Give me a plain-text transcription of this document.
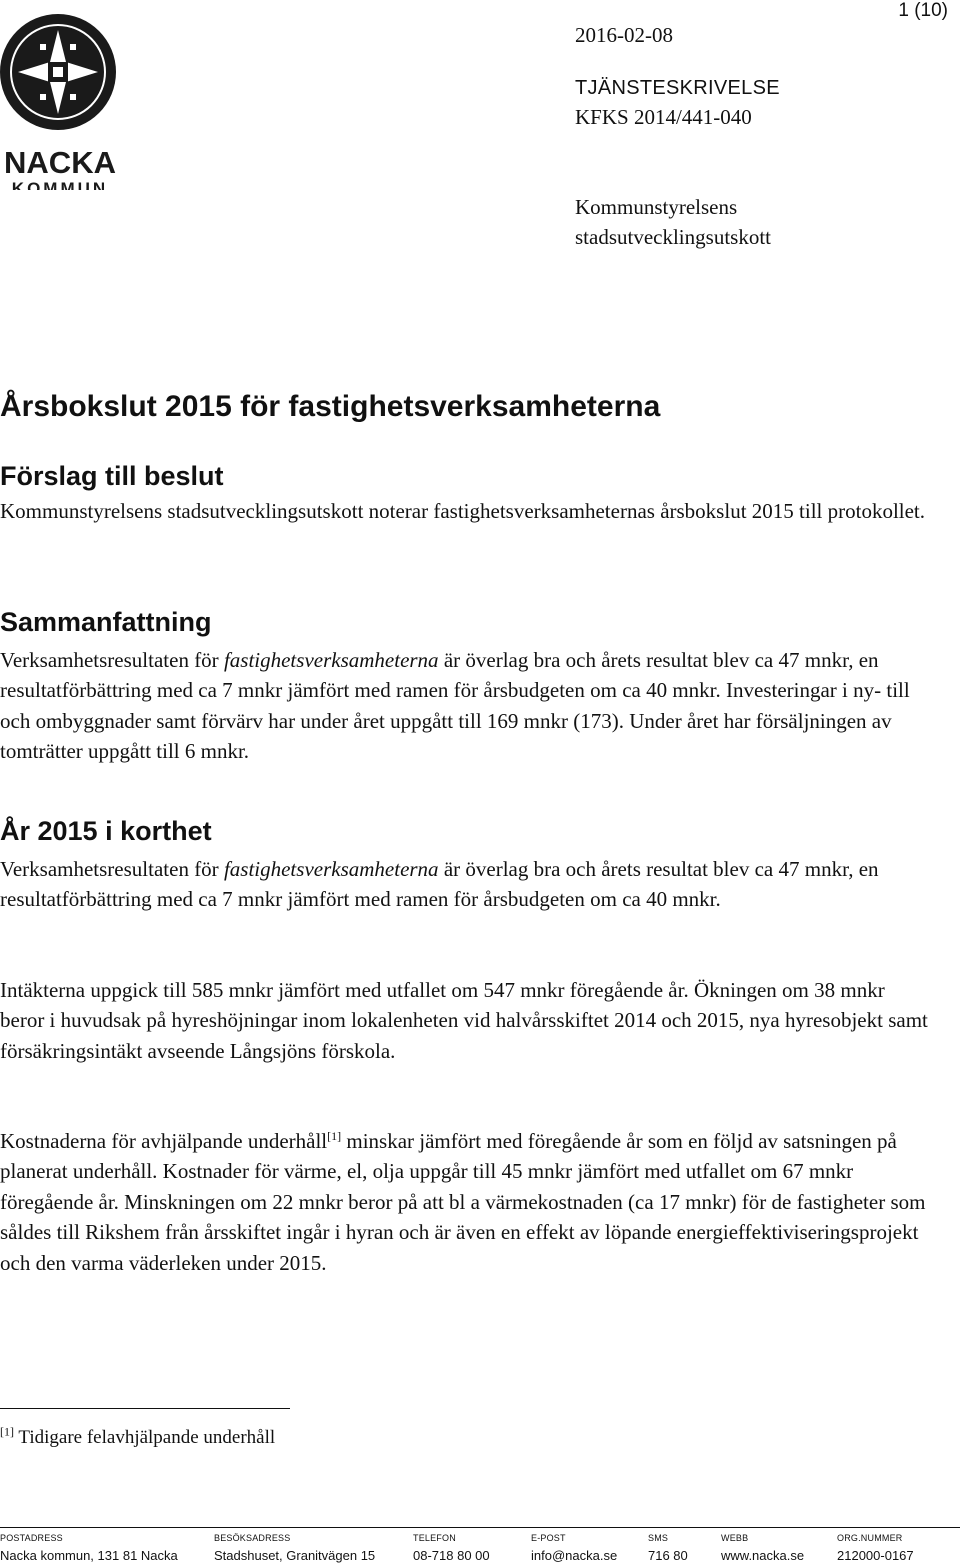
NACKA
KOMMUN
1 (10)
2016-02-08
TJÄNSTESKRIVELSE
KFKS 2014/441-040
Kommunstyrelsens
stadsutvecklingsutskott
Årsbokslut 2015 för fastighetsverksamheterna
Förslag till beslut
Kommunstyrelsens stadsutvecklingsutskott noterar fastighetsverksamheternas årsbokslut 2015 till protokollet.
Sammanfattning
Verksamhetsresultaten för fastighetsverksamheterna är överlag bra och årets resultat blev ca 47 mnkr, en resultatförbättring med ca 7 mnkr jämfört med ramen för årsbudgeten om ca 40 mnkr. Investeringar i ny- till och ombyggnader samt förvärv har under året uppgått till 169 mnkr (173). Under året har försäljningen av tomträtter uppgått till 6 mnkr.
År 2015 i korthet
Verksamhetsresultaten för fastighetsverksamheterna är överlag bra och årets resultat blev ca 47 mnkr, en resultatförbättring med ca 7 mnkr jämfört med ramen för årsbudgeten om ca 40 mnkr.
Intäkterna uppgick till 585 mnkr jämfört med utfallet om 547 mnkr föregående år. Ökningen om 38 mnkr beror i huvudsak på hyreshöjningar inom lokalenheten vid halvårsskiftet 2014 och 2015, nya hyresobjekt samt försäkringsintäkt avseende Långsjöns förskola.
Kostnaderna för avhjälpande underhåll[1] minskar jämfört med föregående år som en följd av satsningen på planerat underhåll. Kostnader för värme, el, olja uppgår till 45 mnkr jämfört med utfallet om 67 mnkr föregående år. Minskningen om 22 mnkr beror på att bl a värmekostnaden (ca 17 mnkr) för de fastigheter som såldes till Rikshem från årsskiftet ingår i hyran och är även en effekt av löpande energieffektiviseringsprojekt och den varma väderleken under 2015.
[1] Tidigare felavhjälpande underhåll
POSTADRESS
Nacka kommun, 131 81 Nacka
BESÖKSADRESS
Stadshuset, Granitvägen 15
TELEFON
08-718 80 00
E-POST
info@nacka.se
SMS
716 80
WEBB
www.nacka.se
ORG.NUMMER
212000-0167
